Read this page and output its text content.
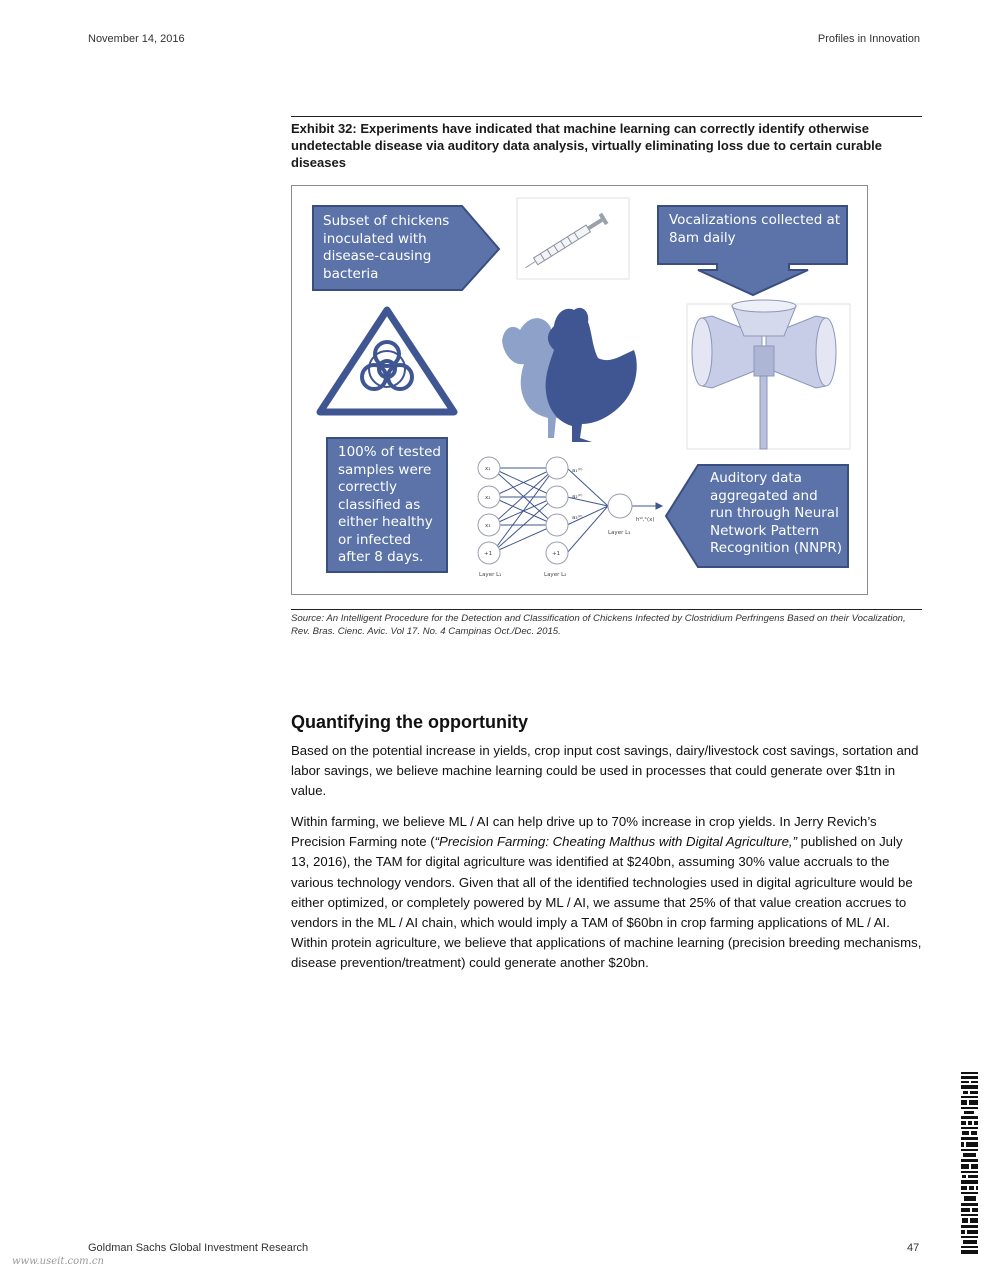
November 14, 2016	Profiles in Innovation
Exhibit 32: Experiments have indicated that machine learning can correctly identify otherwise undetectable disease via auditory data analysis, virtually eliminating loss due to certain curable diseases
x₁
x₂
x₃
+1
a₁⁽²⁾
a₂⁽²⁾
a₃⁽²⁾
+1
hᵂ,ᵇ(x)
Layer L₁	Layer L₂
Layer L₃
Subset of chickens inoculated with disease-causing bacteria
Vocalizations collected at 8am daily
100% of tested samples were correctly classified as either healthy or infected after 8 days.
Auditory data aggregated and run through Neural Network Pattern Recognition (NNPR)
Source: An Intelligent Procedure for the Detection and Classification of Chickens Infected by Clostridium Perfringens Based on their Vocalization, Rev. Bras. Cienc. Avic. Vol 17. No. 4 Campinas Oct./Dec. 2015.
Quantifying the opportunity

Based on the potential increase in yields, crop input cost savings, dairy/livestock cost savings, sortation and labor savings, we believe machine learning could be used in processes that could generate over $1tn in value.

Within farming, we believe ML / AI can help drive up to 70% increase in crop yields. In Jerry Revich’s Precision Farming note (“Precision Farming: Cheating Malthus with Digital Agriculture,” published on July 13, 2016), the TAM for digital agriculture was identified at $240bn, assuming 30% value accruals to the various technology vendors. Given that all of the identified technologies used in digital agriculture would be either optimized, or completely powered by ML / AI, we assume that 25% of that value creation accrues to vendors in the ML / AI chain, which would imply a TAM of $60bn in crop farming applications of ML / AI. Within protein agriculture, we believe that applications of machine learning (precision breeding mechanisms, disease prevention/treatment) could generate another $20bn.

Goldman Sachs Global Investment Research	47
www.useit.com.cn
